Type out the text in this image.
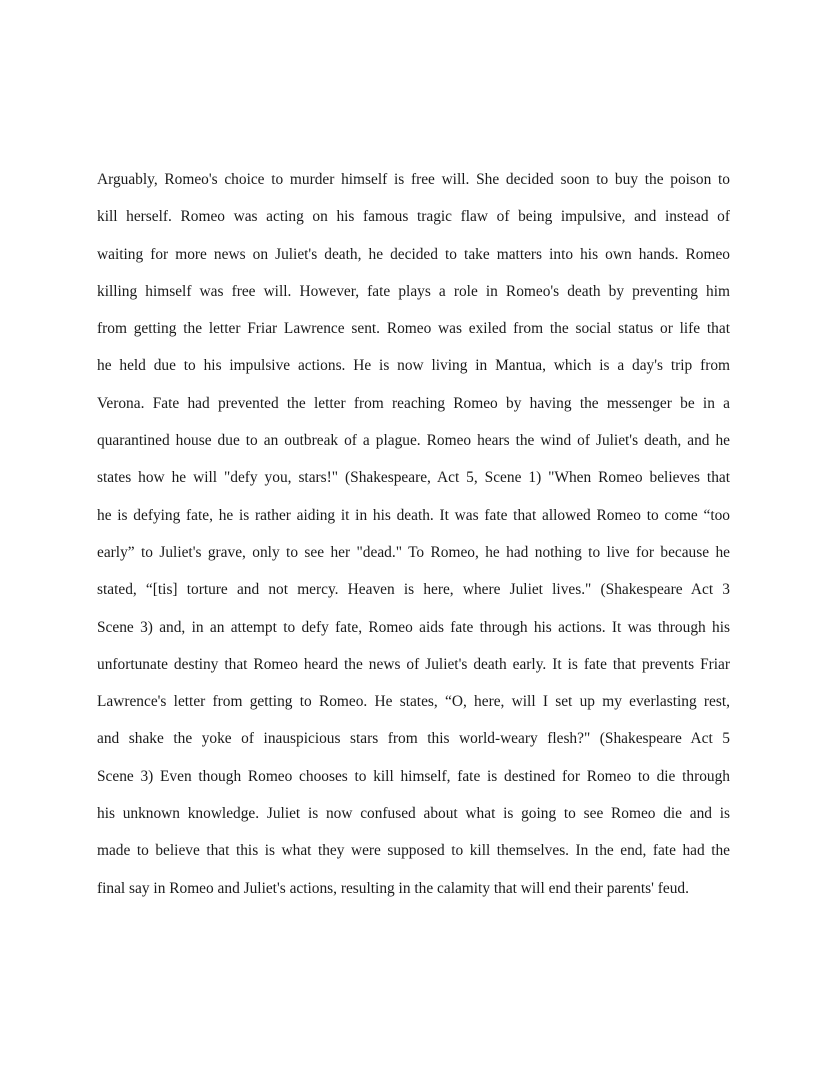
Arguably, Romeo's choice to murder himself is free will. She decided soon to buy the poison to
kill herself. Romeo was acting on his famous tragic flaw of being impulsive, and instead of
waiting for more news on Juliet's death, he decided to take matters into his own hands. Romeo
killing himself was free will. However, fate plays a role in Romeo's death by preventing him
from getting the letter Friar Lawrence sent. Romeo was exiled from the social status or life that
he held due to his impulsive actions. He is now living in Mantua, which is a day's trip from
Verona. Fate had prevented the letter from reaching Romeo by having the messenger be in a
quarantined house due to an outbreak of a plague. Romeo hears the wind of Juliet's death, and he
states how he will "defy you, stars!" (Shakespeare, Act 5, Scene 1) "When Romeo believes that
he is defying fate, he is rather aiding it in his death. It was fate that allowed Romeo to come “too
early” to Juliet's grave, only to see her "dead." To Romeo, he had nothing to live for because he
stated, “[tis] torture and not mercy. Heaven is here, where Juliet lives." (Shakespeare Act 3
Scene 3) and, in an attempt to defy fate, Romeo aids fate through his actions. It was through his
unfortunate destiny that Romeo heard the news of Juliet's death early. It is fate that prevents Friar
Lawrence's letter from getting to Romeo. He states, “O, here, will I set up my everlasting rest,
and shake the yoke of inauspicious stars from this world-weary flesh?" (Shakespeare Act 5
Scene 3) Even though Romeo chooses to kill himself, fate is destined for Romeo to die through
his unknown knowledge. Juliet is now confused about what is going to see Romeo die and is
made to believe that this is what they were supposed to kill themselves. In the end, fate had the
final say in Romeo and Juliet's actions, resulting in the calamity that will end their parents' feud.
